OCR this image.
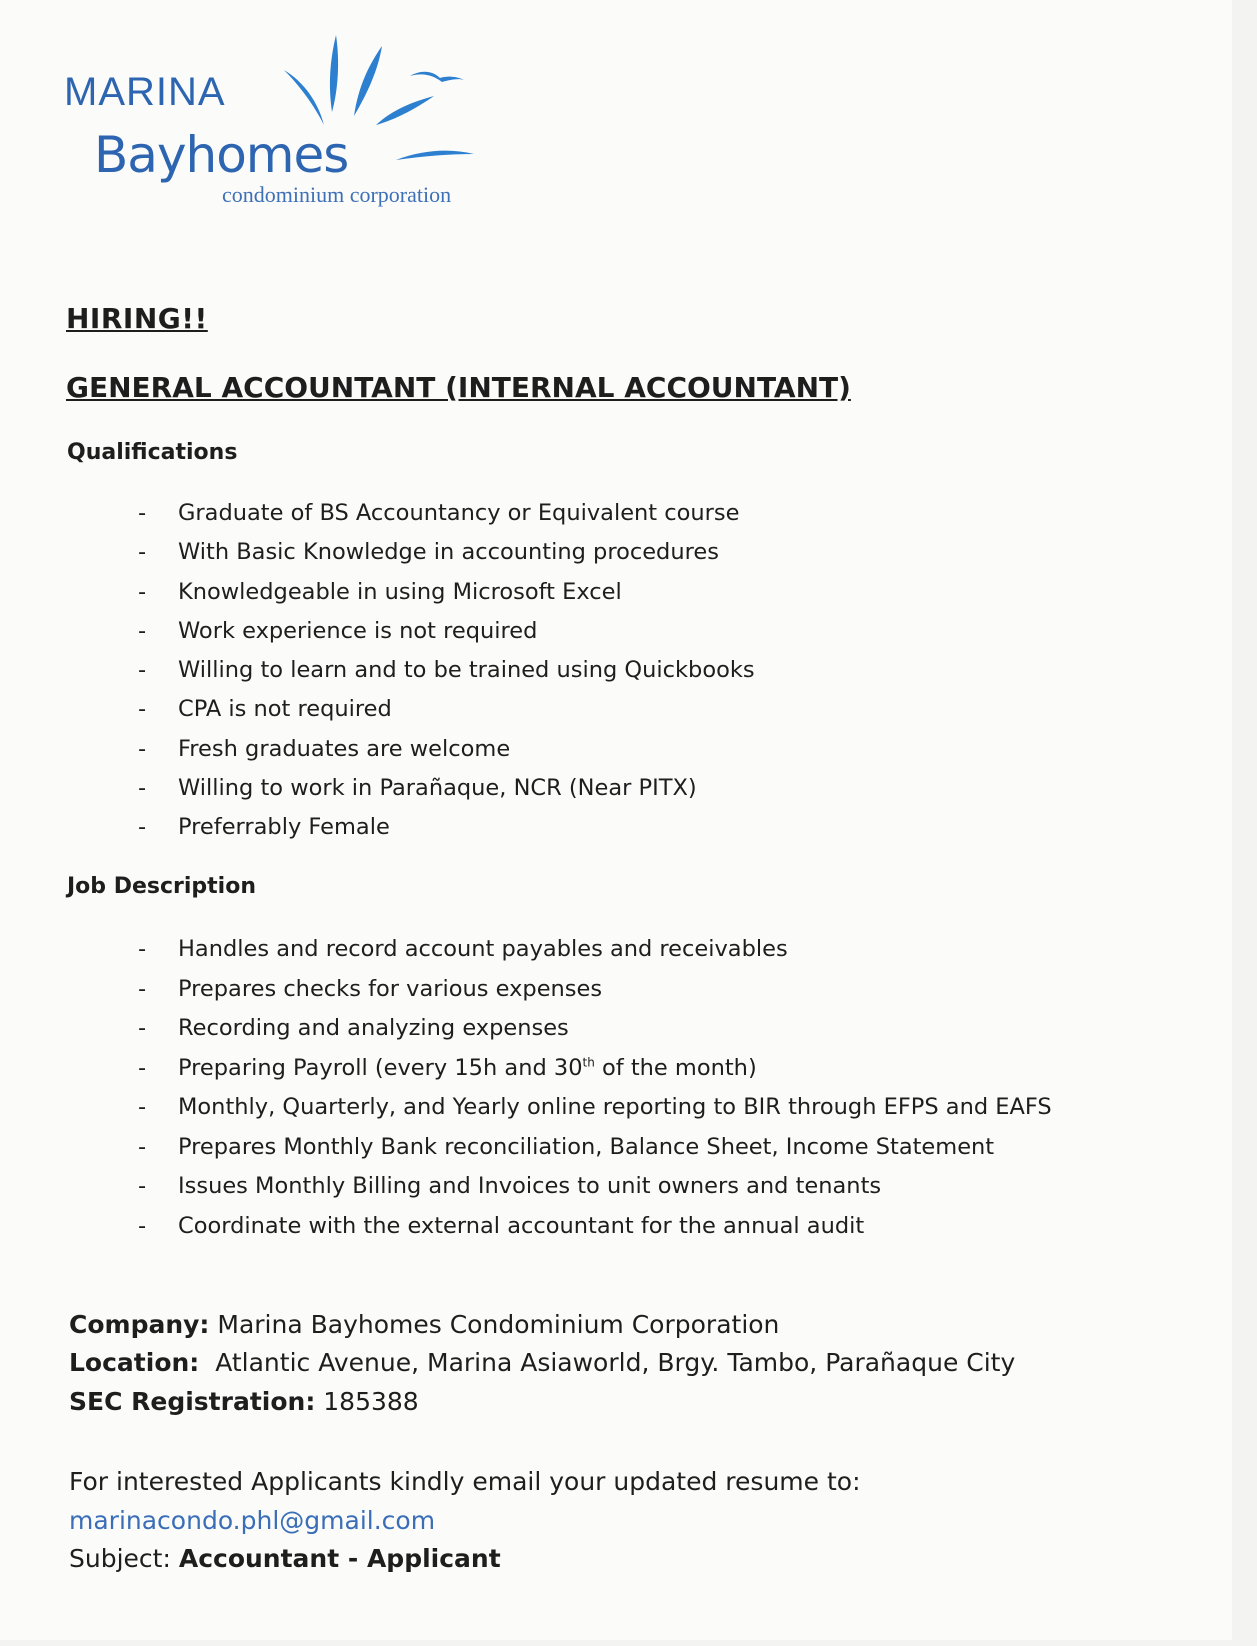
MARINA
Bayhomes
condominium corporation
HIRING!!
GENERAL ACCOUNTANT (INTERNAL ACCOUNTANT)
Qualifications
- Graduate of BS Accountancy or Equivalent course
- With Basic Knowledge in accounting procedures
- Knowledgeable in using Microsoft Excel
- Work experience is not required
- Willing to learn and to be trained using Quickbooks
- CPA is not required
- Fresh graduates are welcome
- Willing to work in Parañaque, NCR (Near PITX)
- Preferrably Female
Job Description
- Handles and record account payables and receivables
- Prepares checks for various expenses
- Recording and analyzing expenses
- Preparing Payroll (every 15h and 30th of the month)
- Monthly, Quarterly, and Yearly online reporting to BIR through EFPS and EAFS
- Prepares Monthly Bank reconciliation, Balance Sheet, Income Statement
- Issues Monthly Billing and Invoices to unit owners and tenants
- Coordinate with the external accountant for the annual audit
Company: Marina Bayhomes Condominium Corporation
Location: Atlantic Avenue, Marina Asiaworld, Brgy. Tambo, Parañaque City
SEC Registration: 185388
For interested Applicants kindly email your updated resume to:
marinacondo.phl@gmail.com
Subject: Accountant - Applicant
